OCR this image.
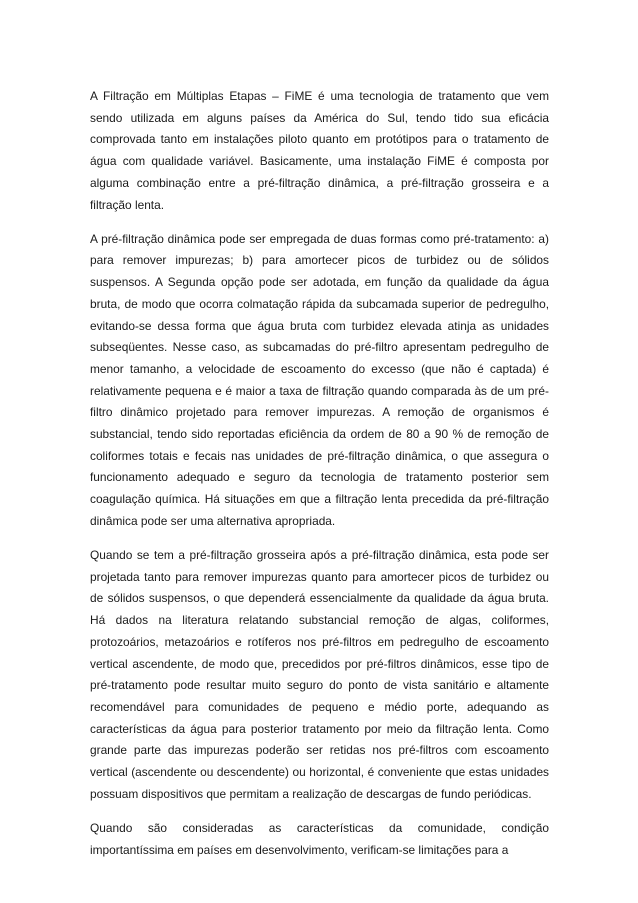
A Filtração em Múltiplas Etapas – FiME é uma tecnologia de tratamento que vem sendo utilizada em alguns países da América do Sul, tendo tido sua eficácia comprovada tanto em instalações piloto quanto em protótipos para o tratamento de água com qualidade variável. Basicamente, uma instalação FiME é composta por alguma combinação entre a pré-filtração dinâmica, a pré-filtração grosseira e a filtração lenta.

A pré-filtração dinâmica pode ser empregada de duas formas como pré-tratamento: a) para remover impurezas; b) para amortecer picos de turbidez ou de sólidos suspensos. A Segunda opção pode ser adotada, em função da qualidade da água bruta, de modo que ocorra colmatação rápida da subcamada superior de pedregulho, evitando-se dessa forma que água bruta com turbidez elevada atinja as unidades subseqüentes. Nesse caso, as subcamadas do pré-filtro apresentam pedregulho de menor tamanho, a velocidade de escoamento do excesso (que não é captada) é relativamente pequena e é maior a taxa de filtração quando comparada às de um pré-filtro dinâmico projetado para remover impurezas. A remoção de organismos é substancial, tendo sido reportadas eficiência da ordem de 80 a 90 % de remoção de coliformes totais e fecais nas unidades de pré-filtração dinâmica, o que assegura o funcionamento adequado e seguro da tecnologia de tratamento posterior sem coagulação química. Há situações em que a filtração lenta precedida da pré-filtração dinâmica pode ser uma alternativa apropriada.

Quando se tem a pré-filtração grosseira após a pré-filtração dinâmica, esta pode ser projetada tanto para remover impurezas quanto para amortecer picos de turbidez ou de sólidos suspensos, o que dependerá essencialmente da qualidade da água bruta. Há dados na literatura relatando substancial remoção de algas, coliformes, protozoários, metazoários e rotíferos nos pré-filtros em pedregulho de escoamento vertical ascendente, de modo que, precedidos por pré-filtros dinâmicos, esse tipo de pré-tratamento pode resultar muito seguro do ponto de vista sanitário e altamente recomendável para comunidades de pequeno e médio porte, adequando as características da água para posterior tratamento por meio da filtração lenta. Como grande parte das impurezas poderão ser retidas nos pré-filtros com escoamento vertical (ascendente ou descendente) ou horizontal, é conveniente que estas unidades possuam dispositivos que permitam a realização de descargas de fundo periódicas.

Quando são consideradas as características da comunidade, condição importantíssima em países em desenvolvimento, verificam-se limitações para a
